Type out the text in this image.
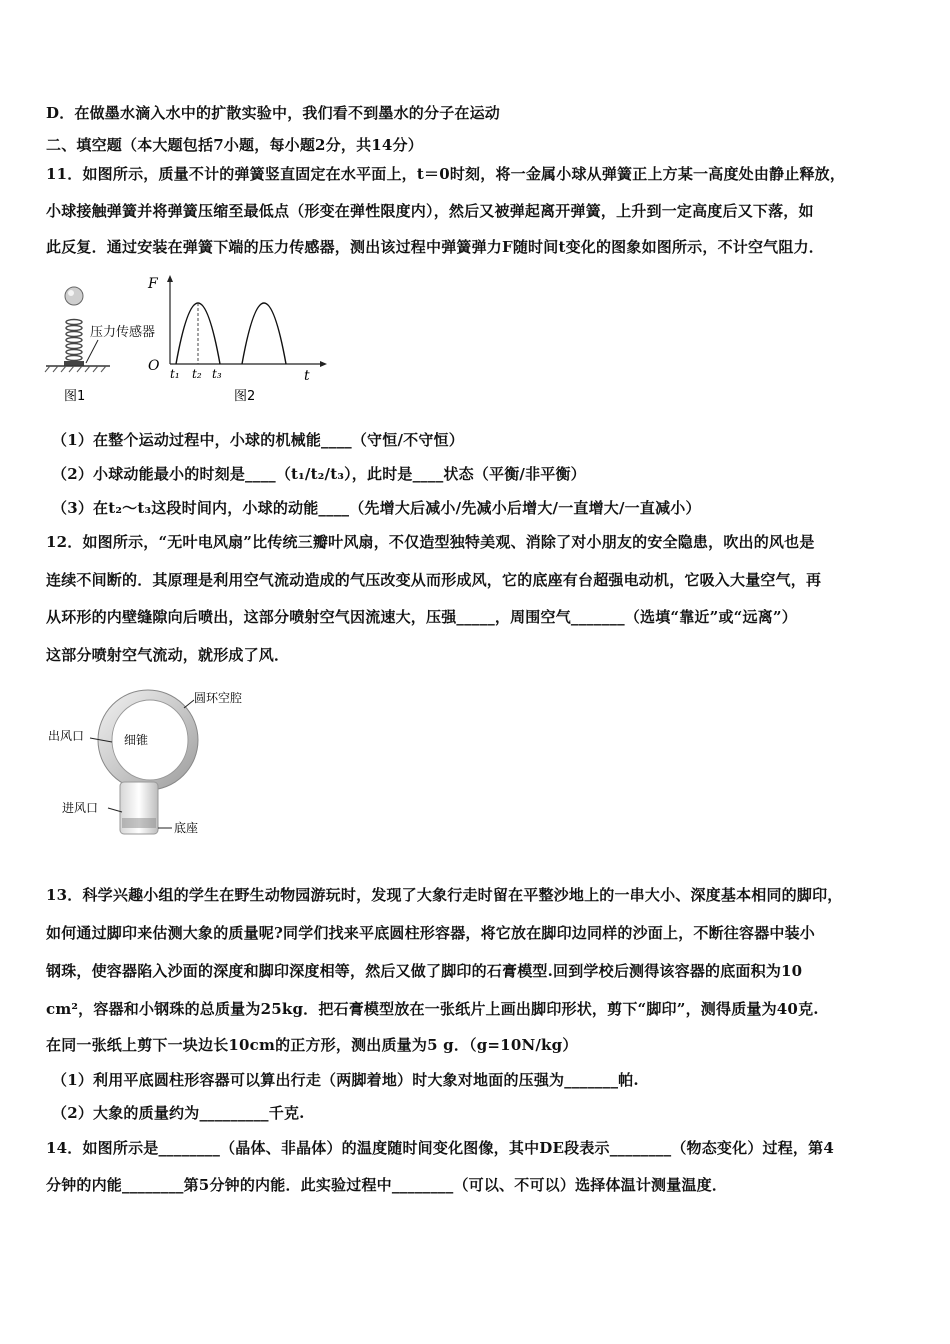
D．在做墨水滴入水中的扩散实验中，我们看不到墨水的分子在运动
二、填空题（本大题包括7小题，每小题2分，共14分）
11．如图所示，质量不计的弹簧竖直固定在水平面上，t＝0时刻，将一金属小球从弹簧正上方某一高度处由静止释放，
小球接触弹簧并将弹簧压缩至最低点（形变在弹性限度内），然后又被弹起离开弹簧，上升到一定高度后又下落，如
此反复．通过安装在弹簧下端的压力传感器，测出该过程中弹簧弹力F随时间t变化的图象如图所示，不计空气阻力．
压力传感器
F
t
O t₁ t₂ t₃
图1	图2
（1）在整个运动过程中，小球的机械能____（守恒/不守恒）
（2）小球动能最小的时刻是____（t₁/t₂/t₃），此时是____状态（平衡/非平衡）
（3）在t₂～t₃这段时间内，小球的动能____（先增大后减小/先减小后增大/一直增大/一直减小）
12．如图所示，“无叶电风扇”比传统三瓣叶风扇，不仅造型独特美观、消除了对小朋友的安全隐患，吹出的风也是
连续不间断的．其原理是利用空气流动造成的气压改变从而形成风，它的底座有台超强电动机，它吸入大量空气，再
从环形的内壁缝隙向后喷出，这部分喷射空气因流速大，压强_____，周围空气_______（选填“靠近”或“远离”）
这部分喷射空气流动，就形成了风．
圆环空腔
细锥
出风口
进风口
底座
13．科学兴趣小组的学生在野生动物园游玩时，发现了大象行走时留在平整沙地上的一串大小、深度基本相同的脚印，
如何通过脚印来估测大象的质量呢?同学们找来平底圆柱形容器，将它放在脚印边同样的沙面上，不断往容器中装小
钢珠，使容器陷入沙面的深度和脚印深度相等，然后又做了脚印的石膏模型.回到学校后测得该容器的底面积为10
cm²，容器和小钢珠的总质量为25kg．把石膏模型放在一张纸片上画出脚印形状，剪下“脚印”，测得质量为40克.
在同一张纸上剪下一块边长10cm的正方形，测出质量为5 g．（g=10N/kg）
（1）利用平底圆柱形容器可以算出行走（两脚着地）时大象对地面的压强为_______帕.
（2）大象的质量约为_________千克.
14．如图所示是________（晶体、非晶体）的温度随时间变化图像，其中DE段表示________（物态变化）过程，第4
分钟的内能________第5分钟的内能．此实验过程中________（可以、不可以）选择体温计测量温度．
